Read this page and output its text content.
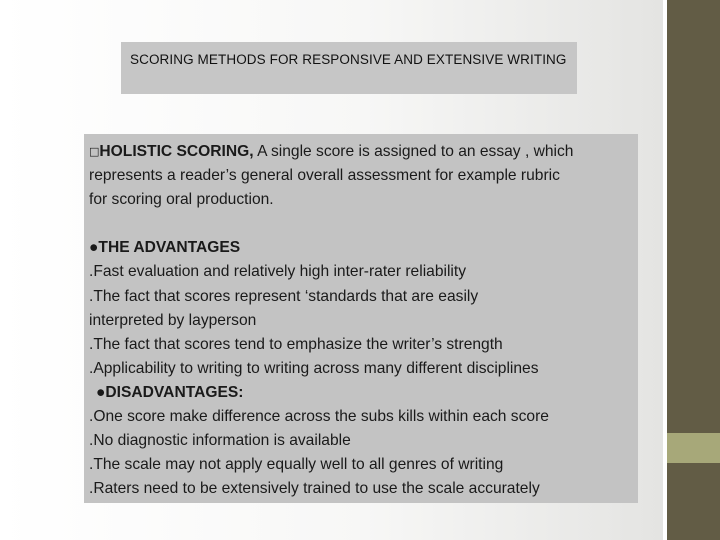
SCORING METHODS FOR RESPONSIVE AND EXTENSIVE WRITING
□HOLISTIC SCORING, A single score is assigned to an essay , which
represents a reader’s general overall assessment for example rubric
for scoring oral production.
●THE ADVANTAGES
.Fast evaluation and relatively high inter-rater reliability
.The fact that scores represent ‘standards that are easily
interpreted by layperson
.The fact that scores tend to emphasize the writer’s strength
.Applicability to writing to writing across many different disciplines
●DISADVANTAGES:
.One score make difference across the subs kills within each score
.No diagnostic information is available
.The scale may not apply equally well to all genres of writing
.Raters need to be extensively trained to use the scale accurately
